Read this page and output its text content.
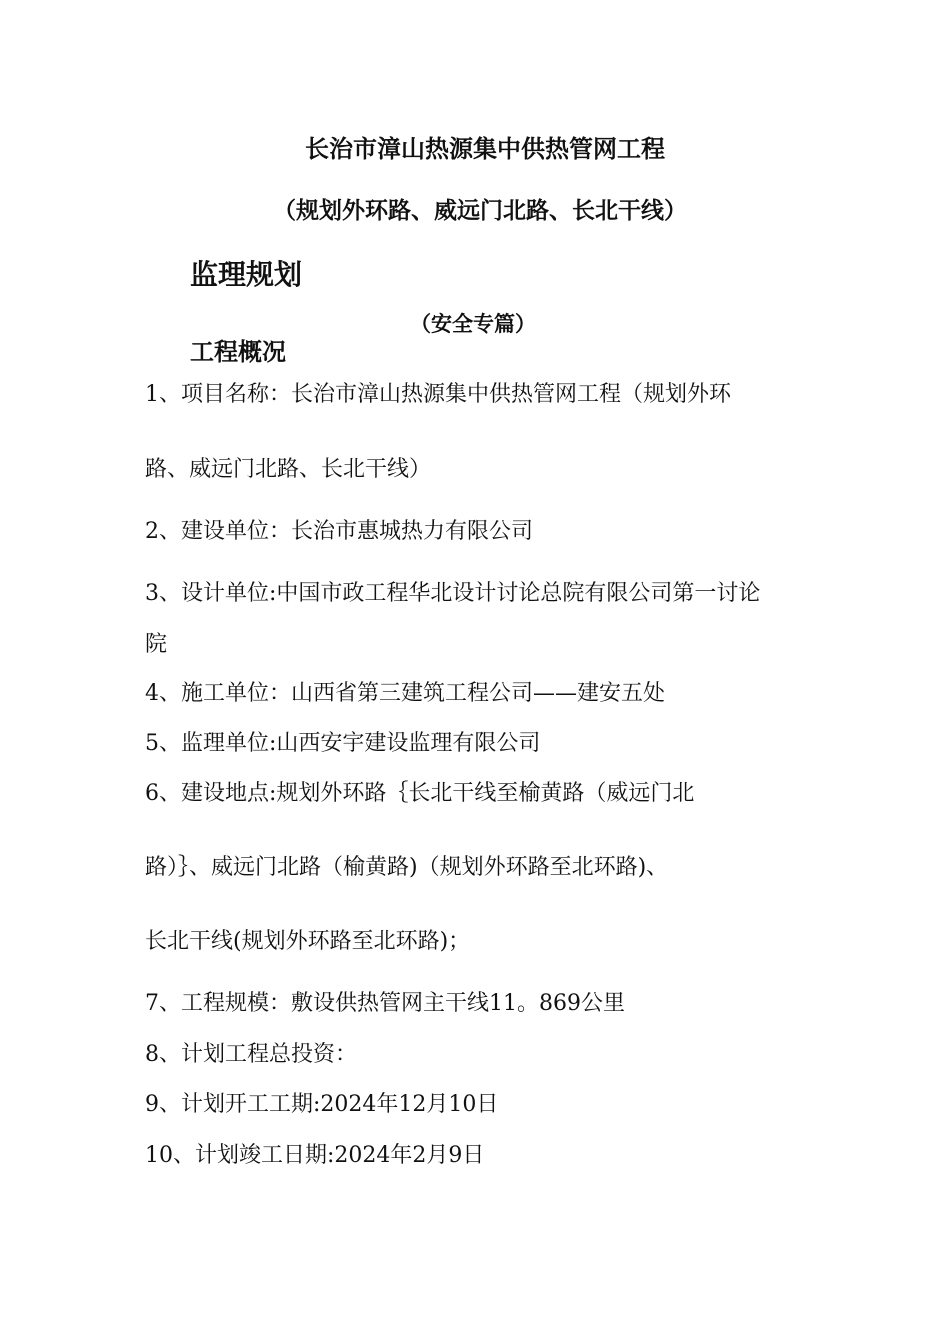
长治市漳山热源集中供热管网工程
（规划外环路、威远门北路、长北干线）
监理规划
（安全专篇）
工程概况
1、项目名称：长治市漳山热源集中供热管网工程（规划外环
路、威远门北路、长北干线）
2、建设单位：长治市惠城热力有限公司
3、设计单位:中国市政工程华北设计讨论总院有限公司第一讨论
院
4、施工单位：山西省第三建筑工程公司——建安五处
5、监理单位:山西安宇建设监理有限公司
6、建设地点:规划外环路｛长北干线至榆黄路（威远门北
路）｝、威远门北路（榆黄路)（规划外环路至北环路)、
长北干线(规划外环路至北环路)；
7、工程规模：敷设供热管网主干线11。869公里
8、计划工程总投资：
9、计划开工工期:2024年12月10日
10、计划竣工日期:2024年2月9日
